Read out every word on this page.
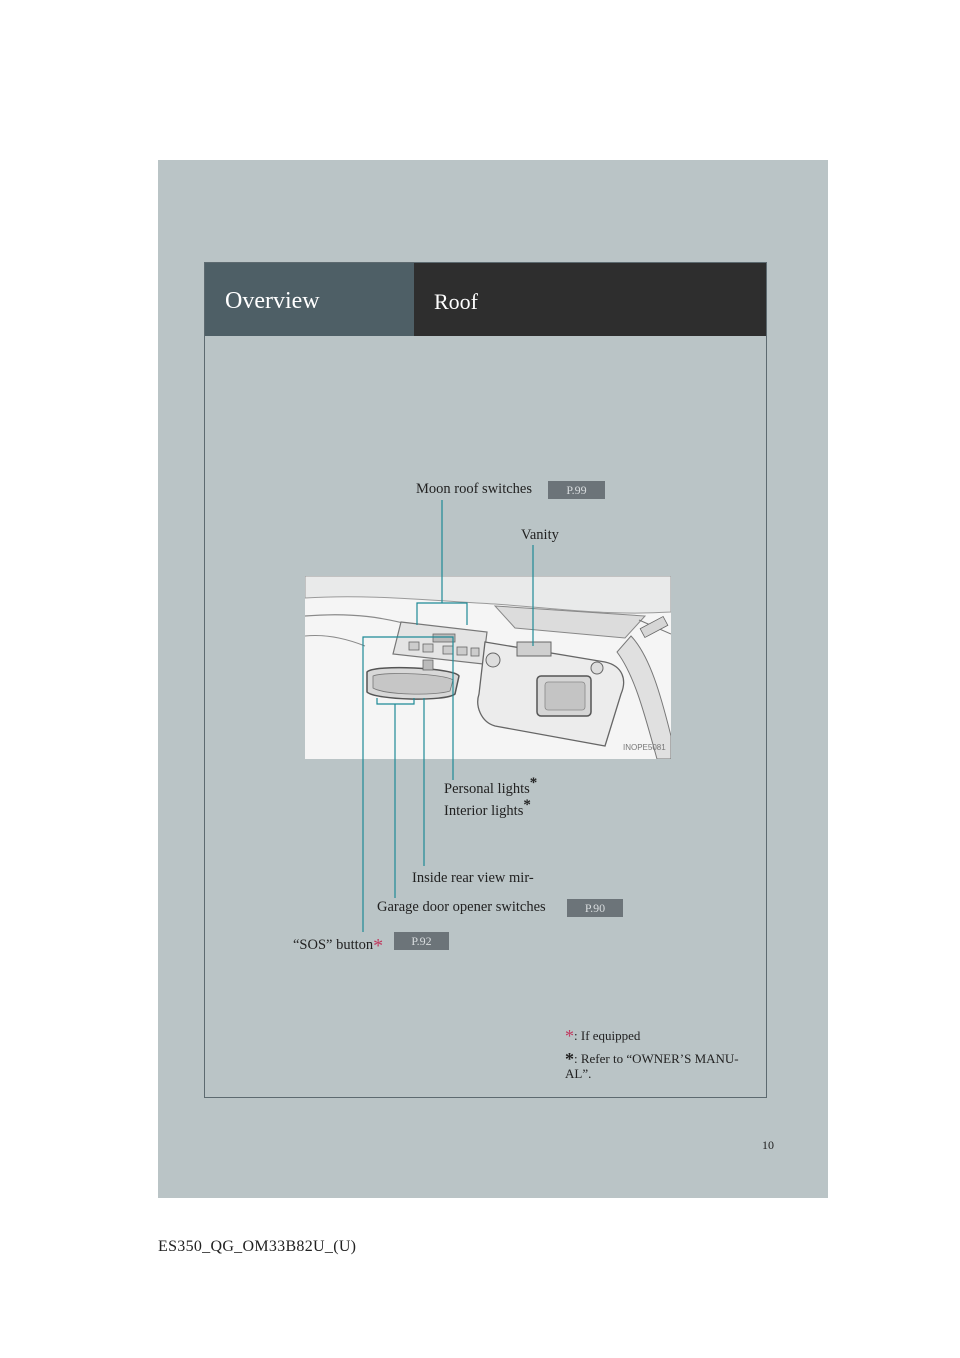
Overview	Roof
Moon roof switches	P.99
Vanity
Personal lights*
Interior lights*
Inside rear view mir-
Garage door opener switches	P.90
“SOS” button*	P.92
INOPE5081
*: If equipped
*: Refer to “OWNER’S MANU-
AL”.
10
ES350_QG_OM33B82U_(U)
